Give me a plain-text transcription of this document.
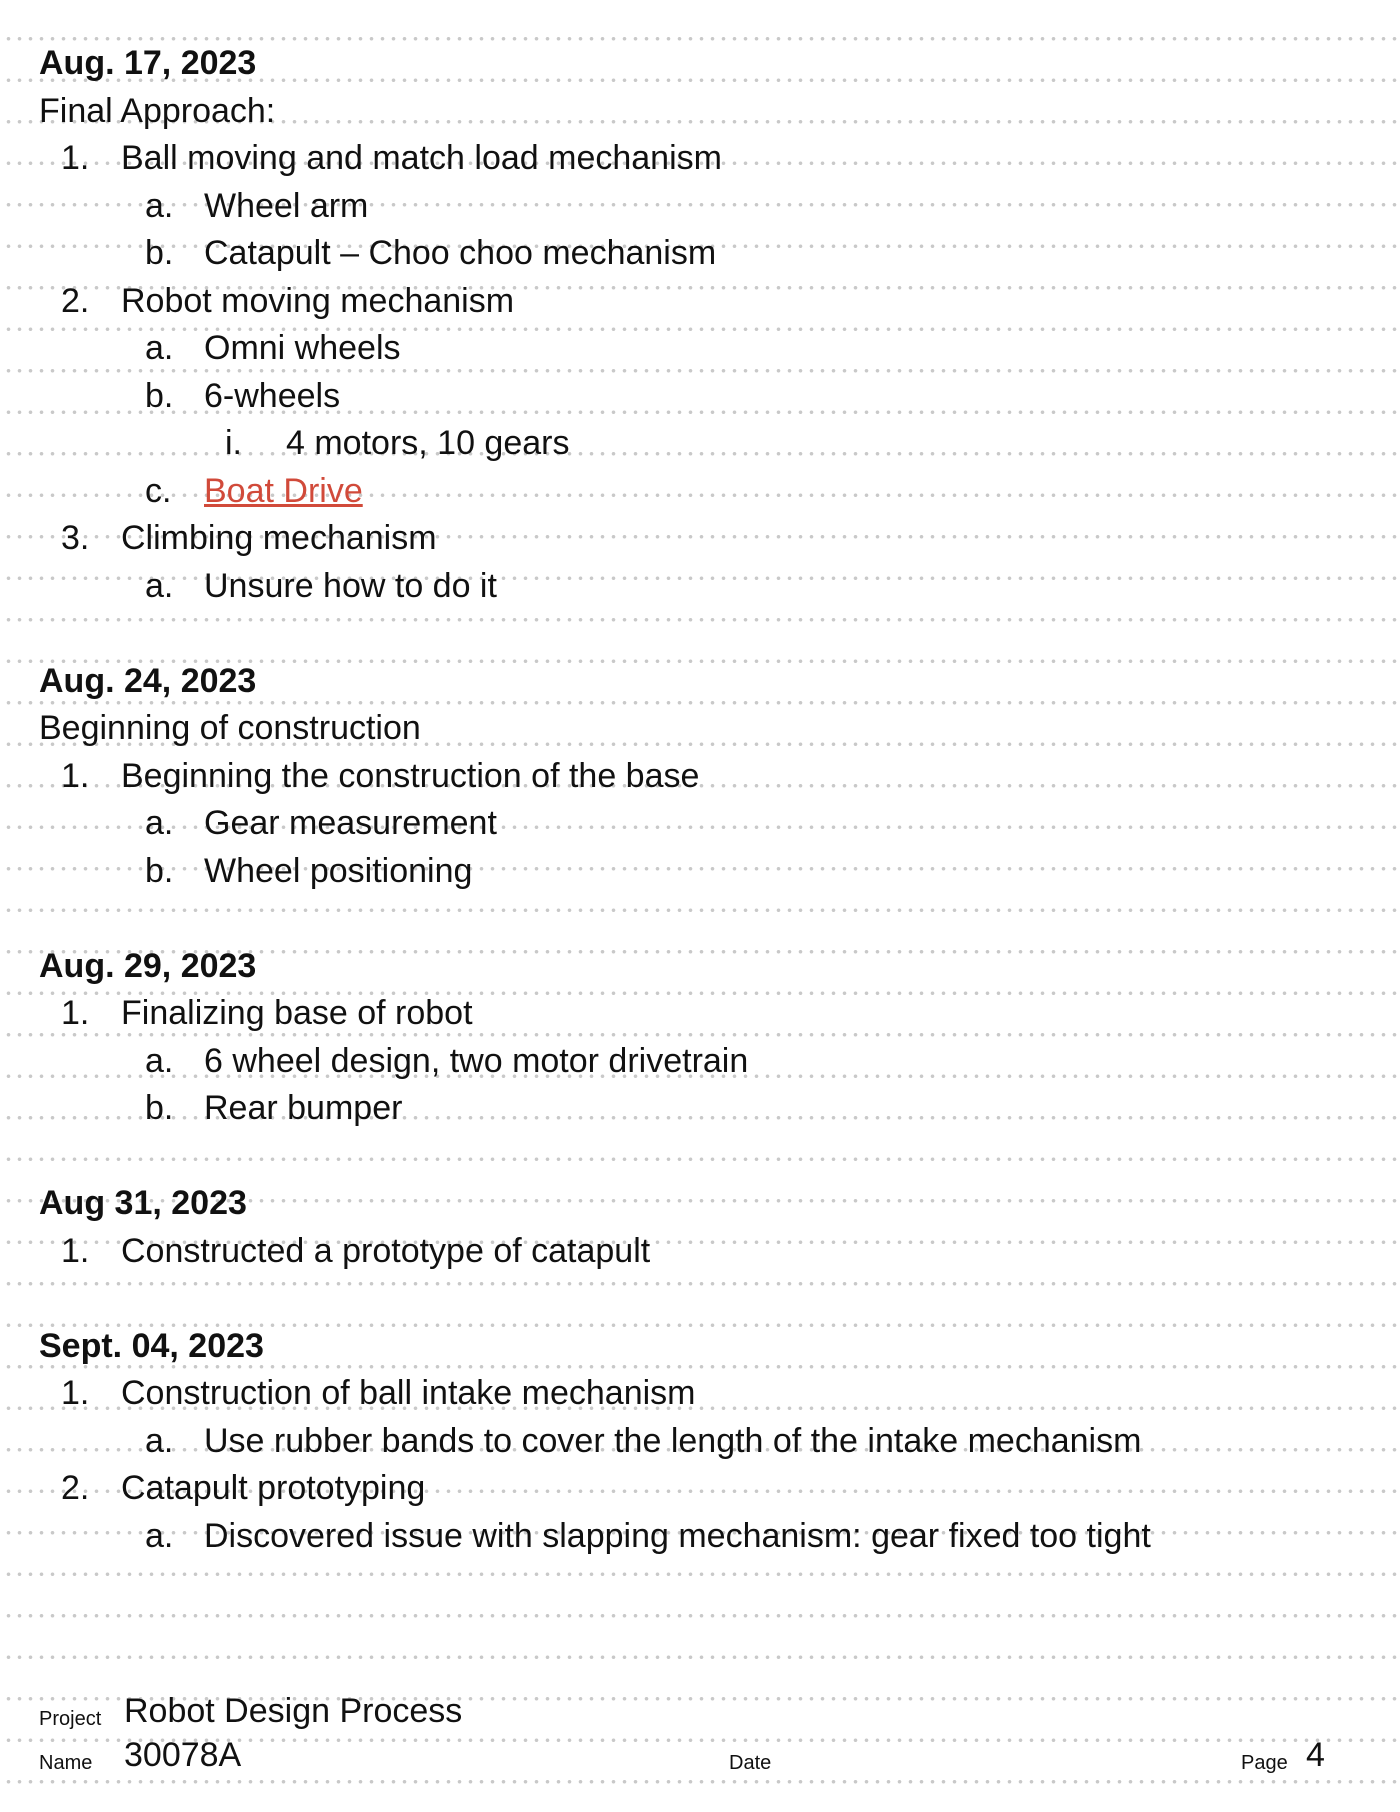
Aug. 17, 2023
Final Approach:
1. Ball moving and match load mechanism
a. Wheel arm
b. Catapult – Choo choo mechanism
2. Robot moving mechanism
a. Omni wheels
b. 6-wheels
i. 4 motors, 10 gears
c. Boat Drive
3. Climbing mechanism
a. Unsure how to do it
Aug. 24, 2023
Beginning of construction
1. Beginning the construction of the base
a. Gear measurement
b. Wheel positioning
Aug. 29, 2023
1. Finalizing base of robot
a. 6 wheel design, two motor drivetrain
b. Rear bumper
Aug 31, 2023
1. Constructed a prototype of catapult
Sept. 04, 2023
1. Construction of ball intake mechanism
a. Use rubber bands to cover the length of the intake mechanism
2. Catapult prototyping
a. Discovered issue with slapping mechanism: gear fixed too tight
Project Robot Design Process
Name 30078A	Date	Page 4
